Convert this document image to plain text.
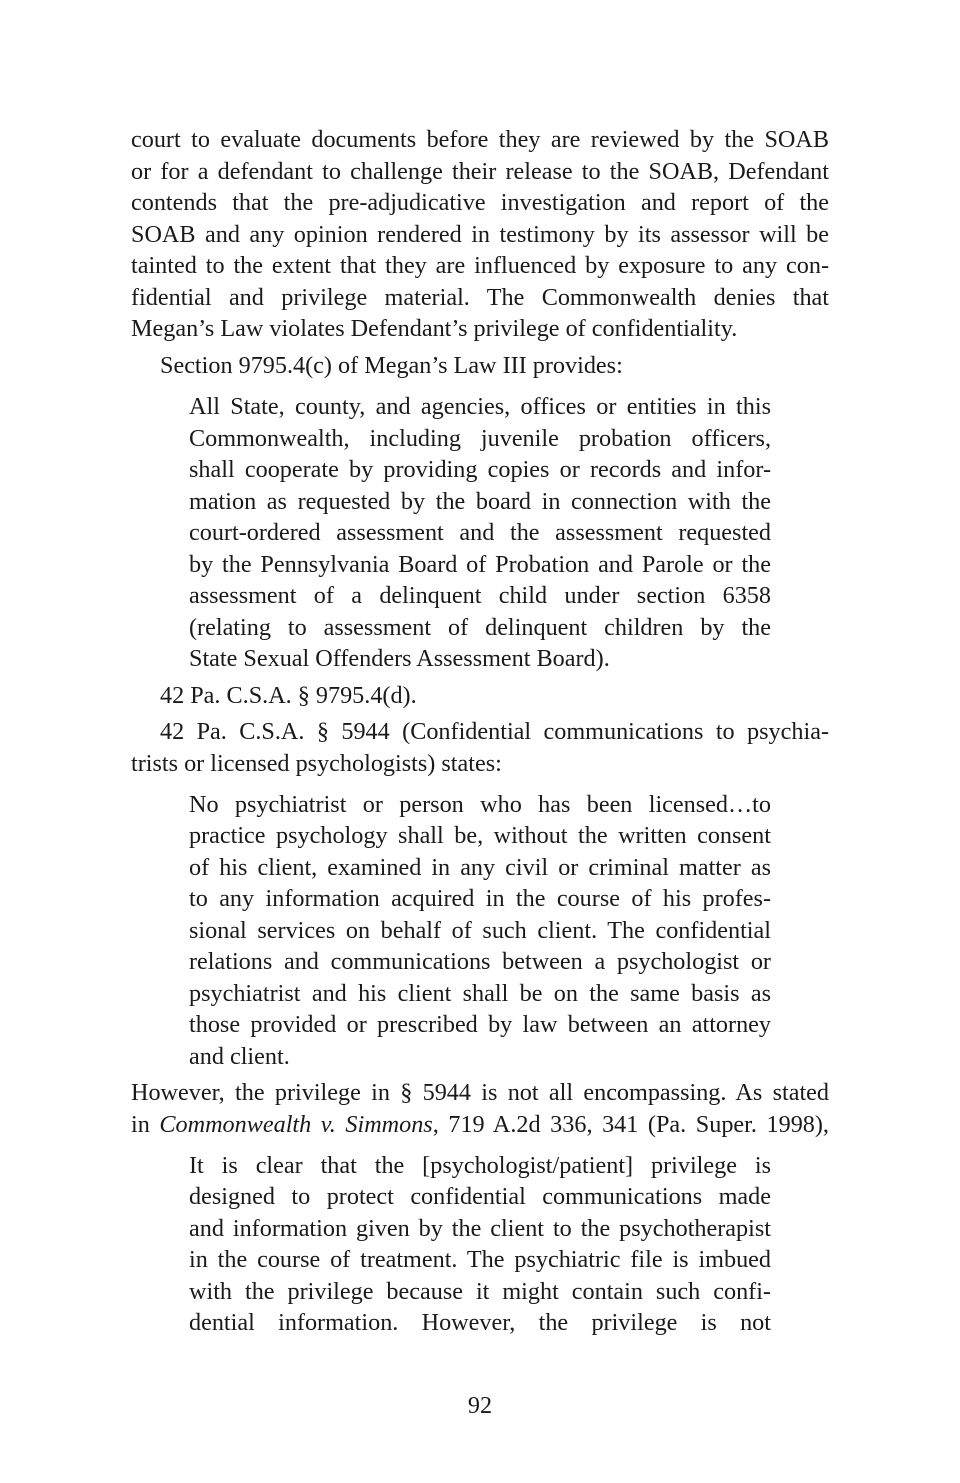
court to evaluate documents before they are reviewed by the SOAB
or for a defendant to challenge their release to the SOAB, Defendant
contends that the pre-adjudicative investigation and report of the
SOAB and any opinion rendered in testimony by its assessor will be
tainted to the extent that they are influenced by exposure to any con-
fidential and privilege material. The Commonwealth denies that
Megan’s Law violates Defendant’s privilege of confidentiality.
Section 9795.4(c) of Megan’s Law III provides:
All State, county, and agencies, offices or entities in this
Commonwealth, including juvenile probation officers,
shall cooperate by providing copies or records and infor-
mation as requested by the board in connection with the
court-ordered assessment and the assessment requested
by the Pennsylvania Board of Probation and Parole or the
assessment of a delinquent child under section 6358
(relating to assessment of delinquent children by the
State Sexual Offenders Assessment Board).
42 Pa. C.S.A. § 9795.4(d).
42 Pa. C.S.A. § 5944 (Confidential communications to psychia-
trists or licensed psychologists) states:
No psychiatrist or person who has been licensed…to
practice psychology shall be, without the written consent
of his client, examined in any civil or criminal matter as
to any information acquired in the course of his profes-
sional services on behalf of such client. The confidential
relations and communications between a psychologist or
psychiatrist and his client shall be on the same basis as
those provided or prescribed by law between an attorney
and client.
However, the privilege in § 5944 is not all encompassing. As stated
in Commonwealth v. Simmons, 719 A.2d 336, 341 (Pa. Super. 1998),
It is clear that the [psychologist/patient] privilege is
designed to protect confidential communications made
and information given by the client to the psychotherapist
in the course of treatment. The psychiatric file is imbued
with the privilege because it might contain such confi-
dential information. However, the privilege is not
92
